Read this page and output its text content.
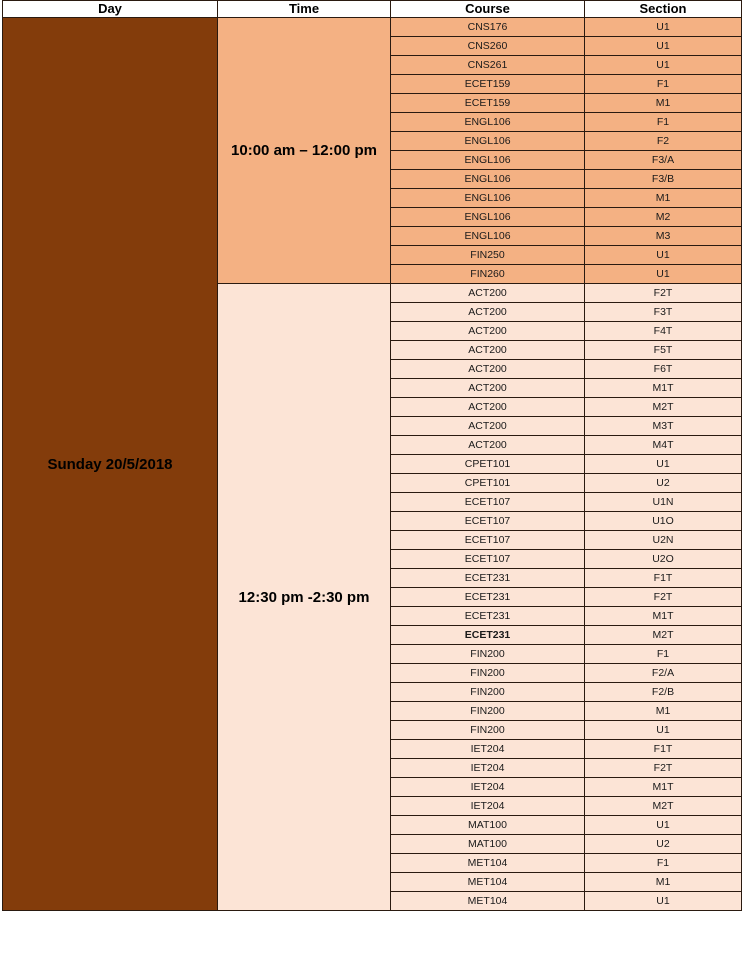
Day	Time	Course	Section
Sunday 20/5/2018	10:00 am – 12:00 pm	CNS176	U1
		CNS260	U1
		CNS261	U1
		ECET159	F1
		ECET159	M1
		ENGL106	F1
		ENGL106	F2
		ENGL106	F3/A
		ENGL106	F3/B
		ENGL106	M1
		ENGL106	M2
		ENGL106	M3
		FIN250	U1
		FIN260	U1
	12:30 pm -2:30 pm	ACT200	F2T
		ACT200	F3T
		ACT200	F4T
		ACT200	F5T
		ACT200	F6T
		ACT200	M1T
		ACT200	M2T
		ACT200	M3T
		ACT200	M4T
		CPET101	U1
		CPET101	U2
		ECET107	U1N
		ECET107	U1O
		ECET107	U2N
		ECET107	U2O
		ECET231	F1T
		ECET231	F2T
		ECET231	M1T
		ECET231	M2T
		FIN200	F1
		FIN200	F2/A
		FIN200	F2/B
		FIN200	M1
		FIN200	U1
		IET204	F1T
		IET204	F2T
		IET204	M1T
		IET204	M2T
		MAT100	U1
		MAT100	U2
		MET104	F1
		MET104	M1
		MET104	U1
